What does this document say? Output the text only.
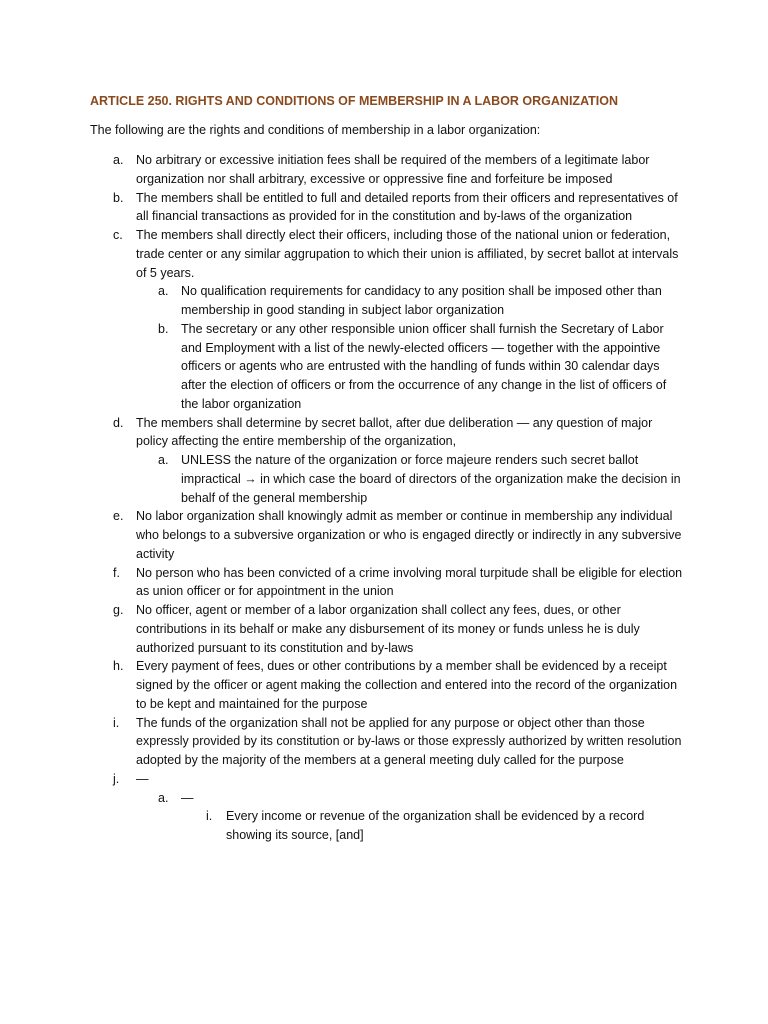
ARTICLE 250. RIGHTS AND CONDITIONS OF MEMBERSHIP IN A LABOR ORGANIZATION
The following are the rights and conditions of membership in a labor organization:
a. No arbitrary or excessive initiation fees shall be required of the members of a legitimate labor organization nor shall arbitrary, excessive or oppressive fine and forfeiture be imposed
b. The members shall be entitled to full and detailed reports from their officers and representatives of all financial transactions as provided for in the constitution and by-laws of the organization
c. The members shall directly elect their officers, including those of the national union or federation, trade center or any similar aggrupation to which their union is affiliated, by secret ballot at intervals of 5 years.
a. No qualification requirements for candidacy to any position shall be imposed other than membership in good standing in subject labor organization
b. The secretary or any other responsible union officer shall furnish the Secretary of Labor and Employment with a list of the newly-elected officers — together with the appointive officers or agents who are entrusted with the handling of funds within 30 calendar days after the election of officers or from the occurrence of any change in the list of officers of the labor organization
d. The members shall determine by secret ballot, after due deliberation — any question of major policy affecting the entire membership of the organization,
a. UNLESS the nature of the organization or force majeure renders such secret ballot impractical → in which case the board of directors of the organization make the decision in behalf of the general membership
e. No labor organization shall knowingly admit as member or continue in membership any individual who belongs to a subversive organization or who is engaged directly or indirectly in any subversive activity
f. No person who has been convicted of a crime involving moral turpitude shall be eligible for election as union officer or for appointment in the union
g. No officer, agent or member of a labor organization shall collect any fees, dues, or other contributions in its behalf or make any disbursement of its money or funds unless he is duly authorized pursuant to its constitution and by-laws
h. Every payment of fees, dues or other contributions by a member shall be evidenced by a receipt signed by the officer or agent making the collection and entered into the record of the organization to be kept and maintained for the purpose
i. The funds of the organization shall not be applied for any purpose or object other than those expressly provided by its constitution or by-laws or those expressly authorized by written resolution adopted by the majority of the members at a general meeting duly called for the purpose
j. —
a. —
i. Every income or revenue of the organization shall be evidenced by a record showing its source, [and]
